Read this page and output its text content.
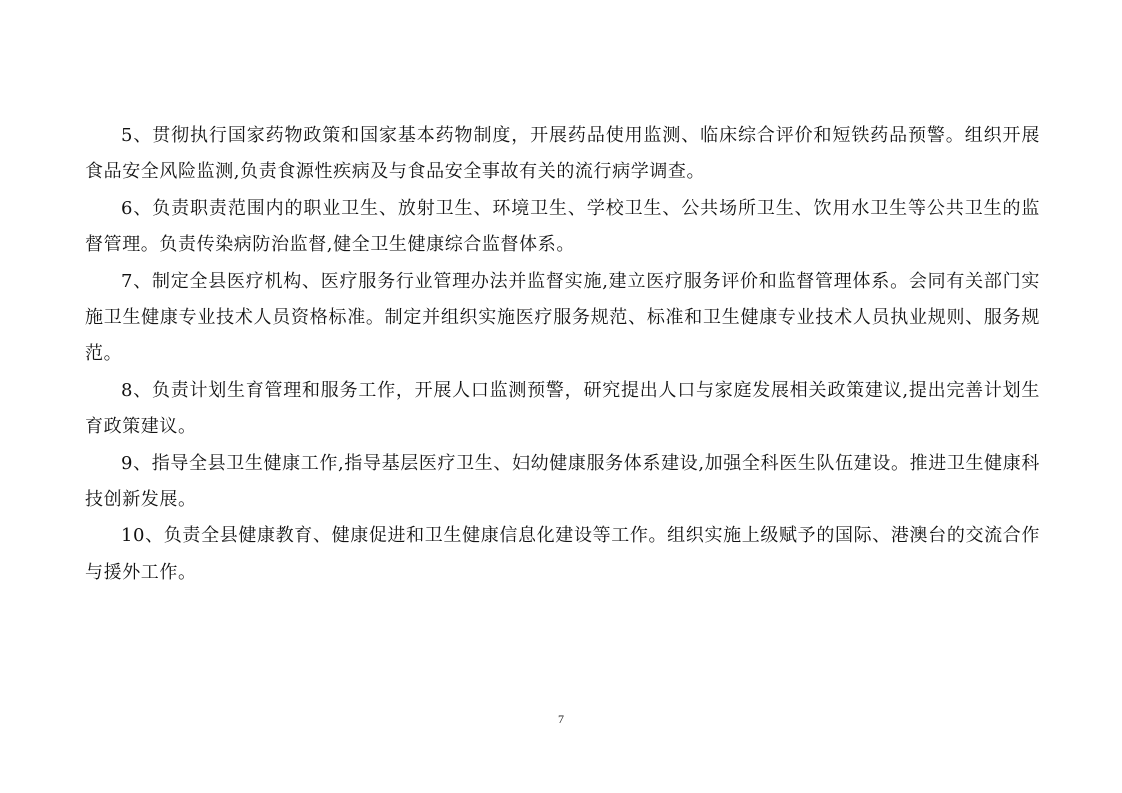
5、贯彻执行国家药物政策和国家基本药物制度，开展药品使用监测、临床综合评价和短铁药品预警。组织开展食品安全风险监测,负责食源性疾病及与食品安全事故有关的流行病学调查。

6、负责职责范围内的职业卫生、放射卫生、环境卫生、学校卫生、公共场所卫生、饮用水卫生等公共卫生的监督管理。负责传染病防治监督,健全卫生健康综合监督体系。

7、制定全县医疗机构、医疗服务行业管理办法并监督实施,建立医疗服务评价和监督管理体系。会同有关部门实施卫生健康专业技术人员资格标准。制定并组织实施医疗服务规范、标准和卫生健康专业技术人员执业规则、服务规范。

8、负责计划生育管理和服务工作，开展人口监测预警，研究提出人口与家庭发展相关政策建议,提出完善计划生育政策建议。

9、指导全县卫生健康工作,指导基层医疗卫生、妇幼健康服务体系建设,加强全科医生队伍建设。推进卫生健康科技创新发展。

10、负责全县健康教育、健康促进和卫生健康信息化建设等工作。组织实施上级赋予的国际、港澳台的交流合作与援外工作。

7
